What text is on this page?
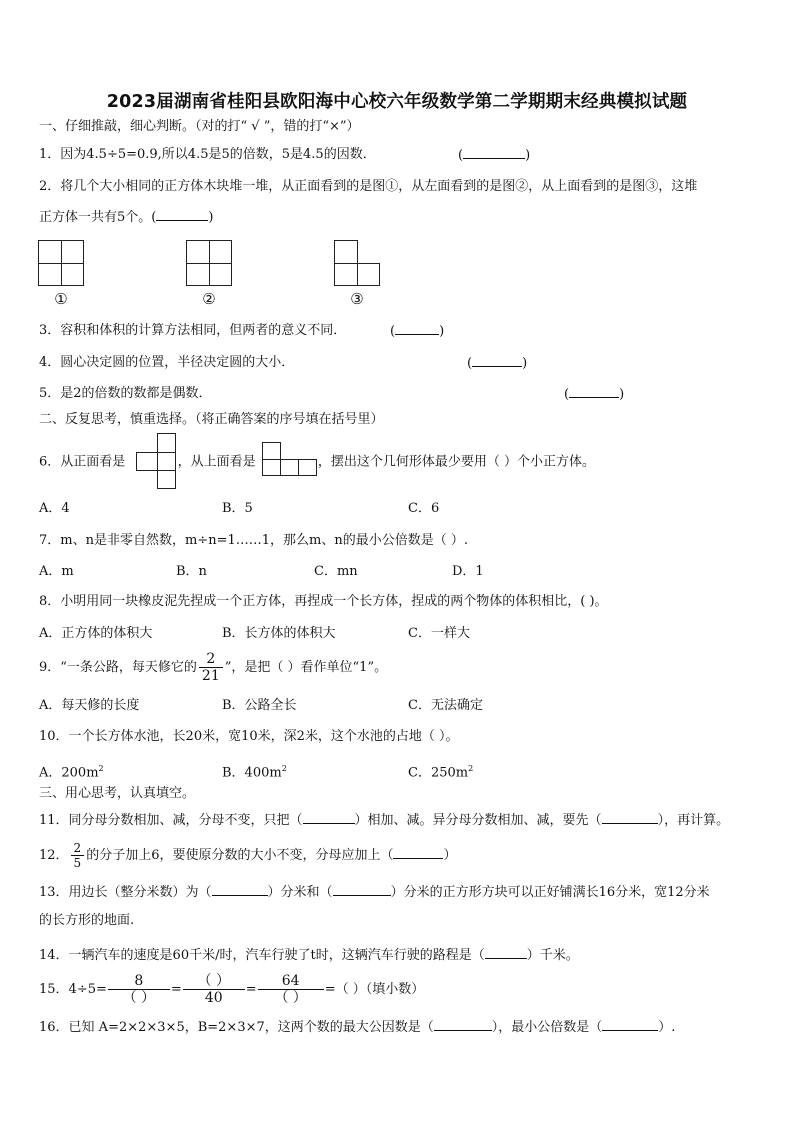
2023届湖南省桂阳县欧阳海中心校六年级数学第二学期期末经典模拟试题
一、仔细推敲，细心判断。（对的打“ √ ”，错的打“×”）
1．因为4.5÷5=0.9,所以4.5是5的倍数，5是4.5的因数．	(	)
2．将几个大小相同的正方体木块堆一堆，从正面看到的是图①，从左面看到的是图②，从上面看到的是图③，这堆
正方体一共有5个。(	)
①	②	③
3．容积和体积的计算方法相同，但两者的意义不同．	(	)
4．圆心决定圆的位置，半径决定圆的大小．	(	)
5．是2的倍数的数都是偶数．	(	)
二、反复思考，慎重选择。（将正确答案的序号填在括号里）
6．从正面看是	，从上面看是	，摆出这个几何形体最少要用（ ）个小正方体。
A．4	B．5	C．6
7．m、n是非零自然数，m÷n=1……1，那么m、n的最小公倍数是（ ）.
A．m	B．n	C．mn	D．1
8．小明用同一块橡皮泥先捏成一个正方体，再捏成一个长方体，捏成的两个物体的体积相比，( )。
A．正方体的体积大	B．长方体的体积大	C．一样大
9．“一条公路，每天修它的 $\frac{2}{21}$ ”，是把（ ）看作单位“1”。
A．每天修的长度	B．公路全长	C．无法确定
10．一个长方体水池，长20米，宽10米，深2米，这个水池的占地（ ）。
A．$200m^2$	B．$400m^2$	C．$250m^2$
三、用心思考，认真填空。
11．同分母分数相加、减，分母不变，只把（	）相加、减。异分母分数相加、减，要先（	），再计算。
12． $\frac{2}{5}$ 的分子加上6，要使原分数的大小不变，分母应加上（	）
13．用边长（整分米数）为（	）分米和（	）分米的正方形方块可以正好铺满长16分米，宽12分米
的长方形的地面.
14．一辆汽车的速度是60千米/时，汽车行驶了t时，这辆汽车行驶的路程是（	）千米。
15．$4\div 5= \frac{8}{( )} = \frac{( )}{40} = \frac{64}{( )}$ =（ ）（填小数）
16．已知 A=2×2×3×5，B=2×3×7，这两个数的最大公因数是（	），最小公倍数是（	）.
